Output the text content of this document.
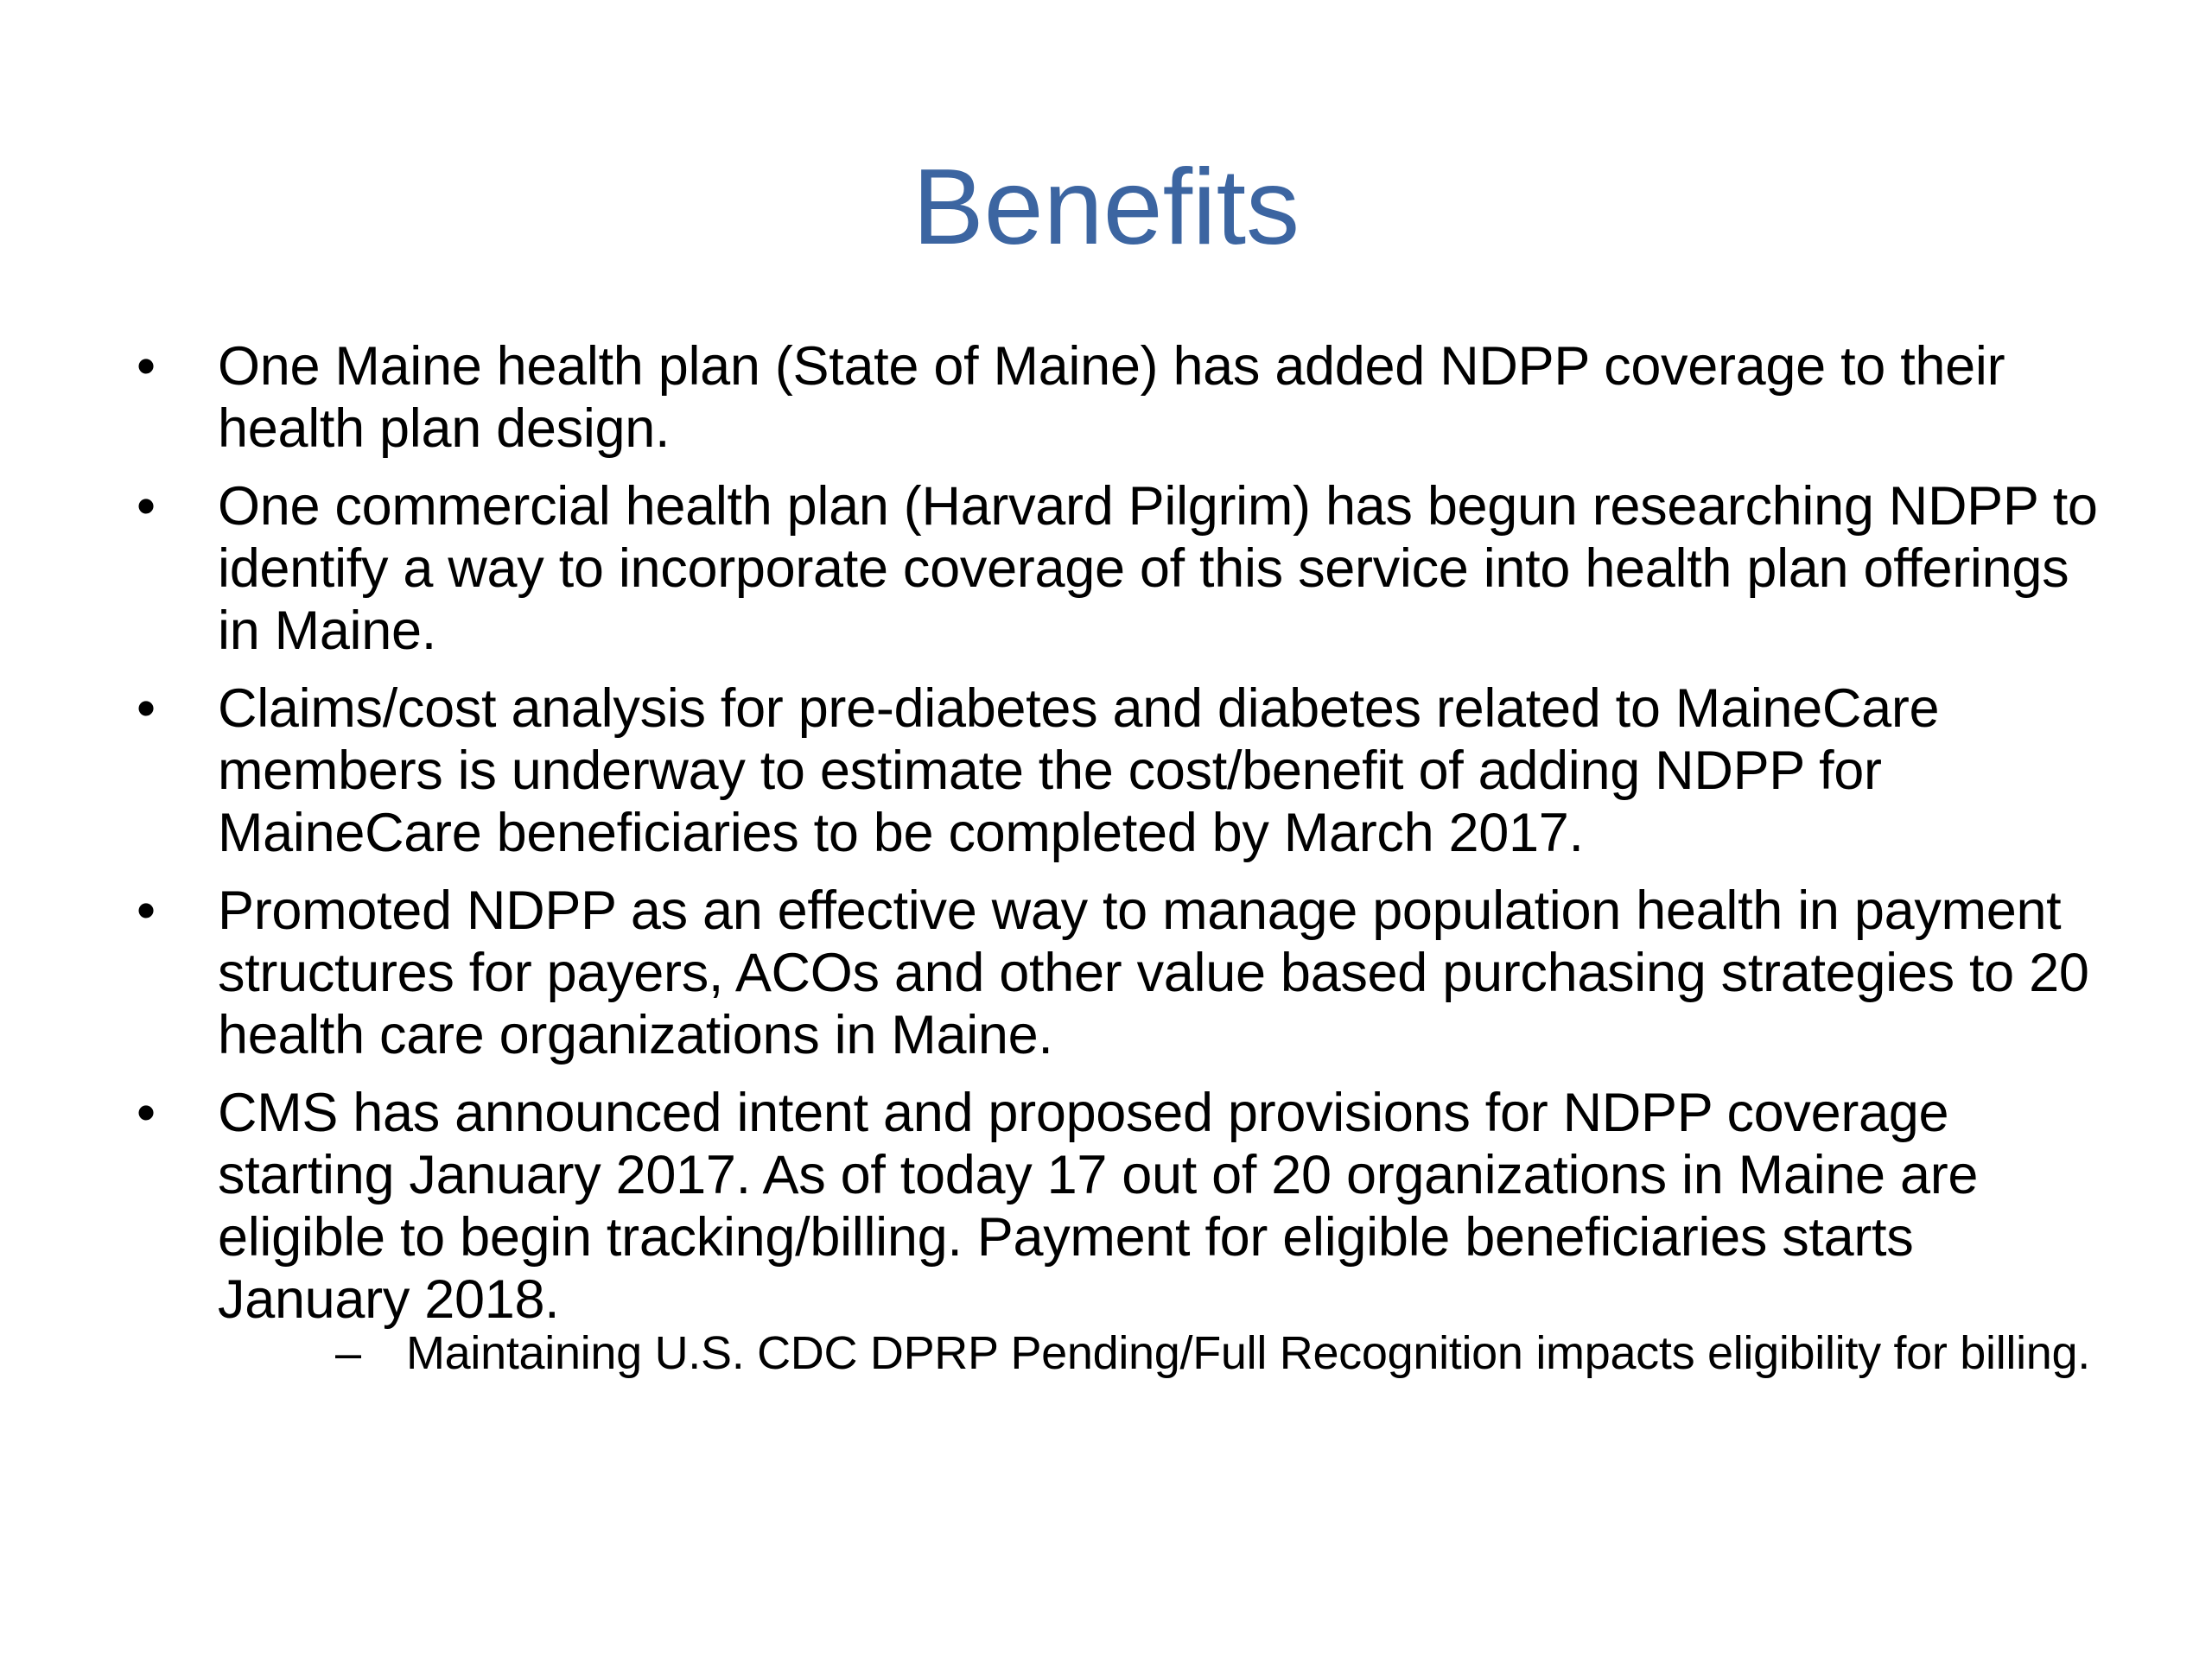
Benefits
• One Maine health plan (State of Maine) has added NDPP coverage to their health plan design.
• One commercial health plan (Harvard Pilgrim) has begun researching NDPP to identify a way to incorporate coverage of this service into health plan offerings in Maine.
• Claims/cost analysis for pre-diabetes and diabetes related to MaineCare members is underway to estimate the cost/benefit of adding NDPP for MaineCare beneficiaries to be completed by March 2017.
• Promoted NDPP as an effective way to manage population health in payment structures for payers, ACOs and other value based purchasing strategies to 20 health care organizations in Maine.
• CMS has announced intent and proposed provisions for NDPP coverage starting January 2017. As of today 17 out of 20 organizations in Maine are eligible to begin tracking/billing. Payment for eligible beneficiaries starts January 2018.
– Maintaining U.S. CDC DPRP Pending/Full Recognition impacts eligibility for billing.
